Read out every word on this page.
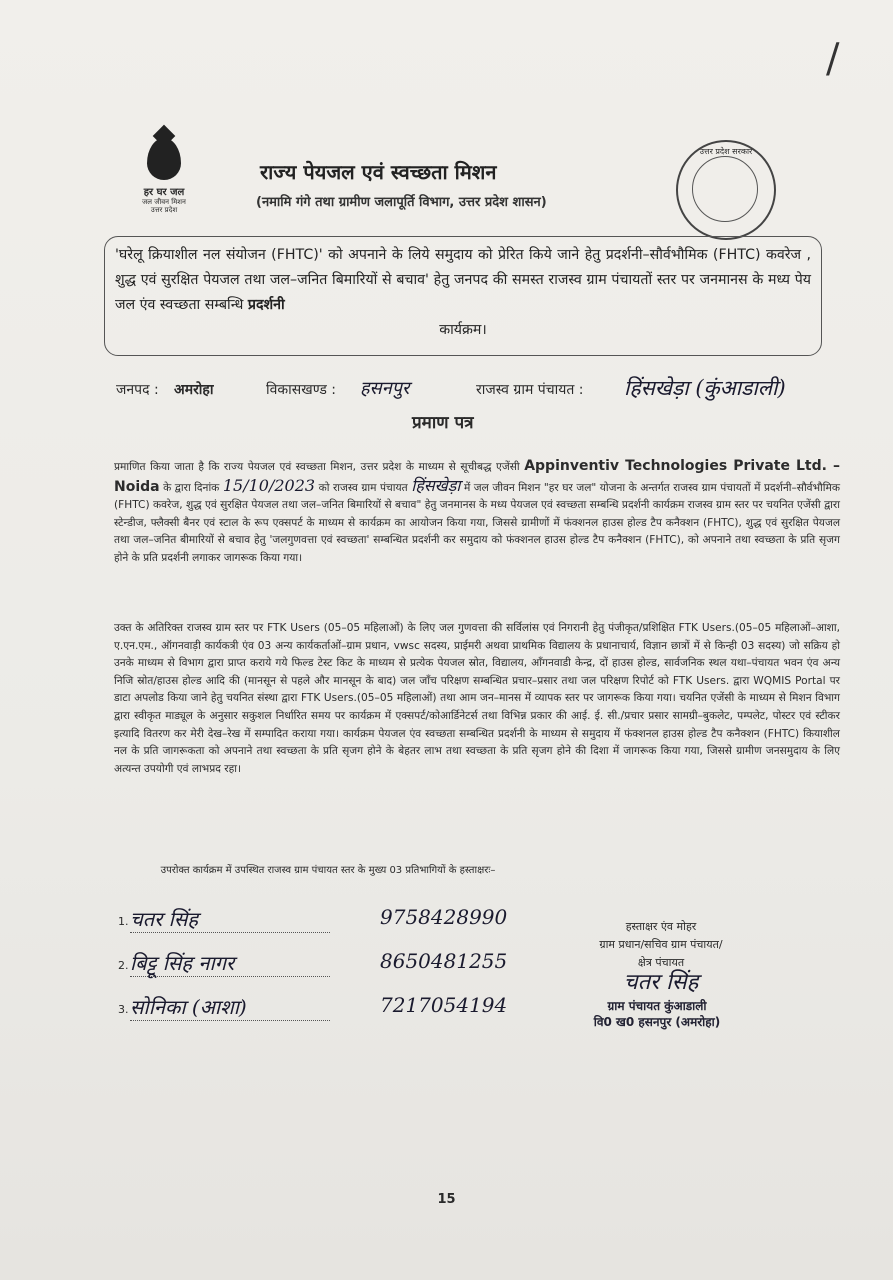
/
हर घर जल
जल जीवन मिशन
उत्तर प्रदेश
उत्तर प्रदेश सरकार
राज्य पेयजल एवं स्वच्छता मिशन
(नमामि गंगे तथा ग्रामीण जलापूर्ति विभाग, उत्तर प्रदेश शासन)
'घरेलू क्रियाशील नल संयोजन (FHTC)' को अपनाने के लिये समुदाय को प्रेरित किये जाने हेतु प्रदर्शनी–सौर्वभौमिक (FHTC) कवरेज , शुद्ध एवं सुरक्षित पेयजल तथा जल–जनित बिमारियों से बचाव' हेतु जनपद की समस्त राजस्व ग्राम पंचायतों स्तर पर जनमानस के मध्य पेय जल एंव स्वच्छता सम्बन्धि प्रदर्शनी
कार्यक्रम।
जनपद : अमरोहा	विकासखण्ड : हसनपुर	राजस्व ग्राम पंचायत : हिंसखेड़ा (कुंआडाली)
प्रमाण पत्र
प्रमाणित किया जाता है कि राज्य पेयजल एवं स्वच्छता मिशन, उत्तर प्रदेश के माध्यम से सूचीबद्ध एजेंसी Appinventiv Technologies Private Ltd. – Noida के द्वारा दिनांक 15/10/2023 को राजस्व ग्राम पंचायत हिंसखेड़ा में जल जीवन मिशन "हर घर जल" योजना के अन्तर्गत राजस्व ग्राम पंचायतों में प्रदर्शनी–सौर्वभौमिक (FHTC) कवरेज, शुद्ध एवं सुरक्षित पेयजल तथा जल–जनित बिमारियों से बचाव" हेतु जनमानस के मध्य पेयजल एवं स्वच्छता सम्बन्धि प्रदर्शनी कार्यक्रम राजस्व ग्राम स्तर पर चयनित एजेंसी द्वारा स्टेन्डीज, फ्लैक्सी बैनर एवं स्टाल के रूप एक्सपर्ट के माध्यम से कार्यक्रम का आयोजन किया गया, जिससे ग्रामीणों में फंक्शनल हाउस होल्ड टैप कनैक्शन (FHTC), शुद्ध एवं सुरक्षित पेयजल तथा जल–जनित बीमारियों से बचाव हेतु 'जलगुणवत्ता एवं स्वच्छता' सम्बन्धित प्रदर्शनी कर समुदाय को फंक्शनल हाउस होल्ड टैप कनैक्शन (FHTC), को अपनाने तथा स्वच्छता के प्रति सृजग होने के प्रति प्रदर्शनी लगाकर जागरूक किया गया।
उक्त के अतिरिक्त राजस्व ग्राम स्तर पर FTK Users (05–05 महिलाओं) के लिए जल गुणवत्ता की सर्विलांस एवं निगरानी हेतु पंजीकृत/प्रशिक्षित FTK Users.(05–05 महिलाओं–आशा, ए.एन.एम., ऑगनवाड़ी कार्यकत्री एंव 03 अन्य कार्यकर्ताओं–ग्राम प्रधान, vwsc सदस्य, प्राईमरी अथवा प्राथमिक विद्यालय के प्रधानाचार्य, विज्ञान छात्रों में से किन्ही 03 सदस्य) जो सक्रिय हो उनके माध्यम से विभाग द्वारा प्राप्त कराये गये फिल्ड टेस्ट किट के माध्यम से प्रत्येक पेयजल स्रोत, विद्यालय, आँगनवाडी केन्द्र, दों हाउस होल्ड, सार्वजनिक स्थल यथा–पंचायत भवन एंव अन्य निजि स्रोत/हाउस होल्ड आदि की (मानसून से पहले और मानसून के बाद) जल जाँच परिक्षण सम्बन्धित प्रचार–प्रसार तथा जल परिक्षण रिपोर्ट को FTK Users. द्वारा WQMIS Portal पर डाटा अपलोड किया जाने हेतु चयनित संस्था द्वारा FTK Users.(05–05 महिलाओं) तथा आम जन–मानस में व्यापक स्तर पर जागरूक किया गया। चयनित एजेंसी के माध्यम से मिशन विभाग द्वारा स्वीकृत माड्यूल के अनुसार सकुशल निर्धारित समय पर कार्यक्रम में एक्सपर्ट/कोआर्डिनेटर्स तथा विभिन्न प्रकार की आई. ई. सी./प्रचार प्रसार सामग्री–बुकलेट, पम्पलेट, पोस्टर एवं स्टीकर इत्यादि वितरण कर मेरी देख–रेख में सम्पादित कराया गया। कार्यक्रम पेयजल एंव स्वच्छता सम्बन्धित प्रदर्शनी के माध्यम से समुदाय में फंक्शनल हाउस होल्ड टैप कनैक्शन (FHTC) कियाशील नल के प्रति जागरूकता को अपनाने तथा स्वच्छता के प्रति सृजग होने के बेहतर लाभ तथा स्वच्छता के प्रति सृजग होने की दिशा में जागरूक किया गया, जिससे ग्रामीण जनसमुदाय के लिए अत्यन्त उपयोगी एवं लाभप्रद रहा।
उपरोक्त कार्यक्रम में उपस्थित राजस्व ग्राम पंचायत स्तर के मुख्य 03 प्रतिभागियों के हस्ताक्षरः–
1. चतर सिंह	9758428990
2. बिट्टू सिंह नागर	8650481255
3. सोनिका (आशा)	7217054194
हस्ताक्षर एंव मोहर
ग्राम प्रधान/सचिव ग्राम पंचायत/
क्षेत्र पंचायत
चतर सिंह
ग्राम पंचायत कुंआडाली
वि0 ख0 हसनपुर (अमरोहा)
15
